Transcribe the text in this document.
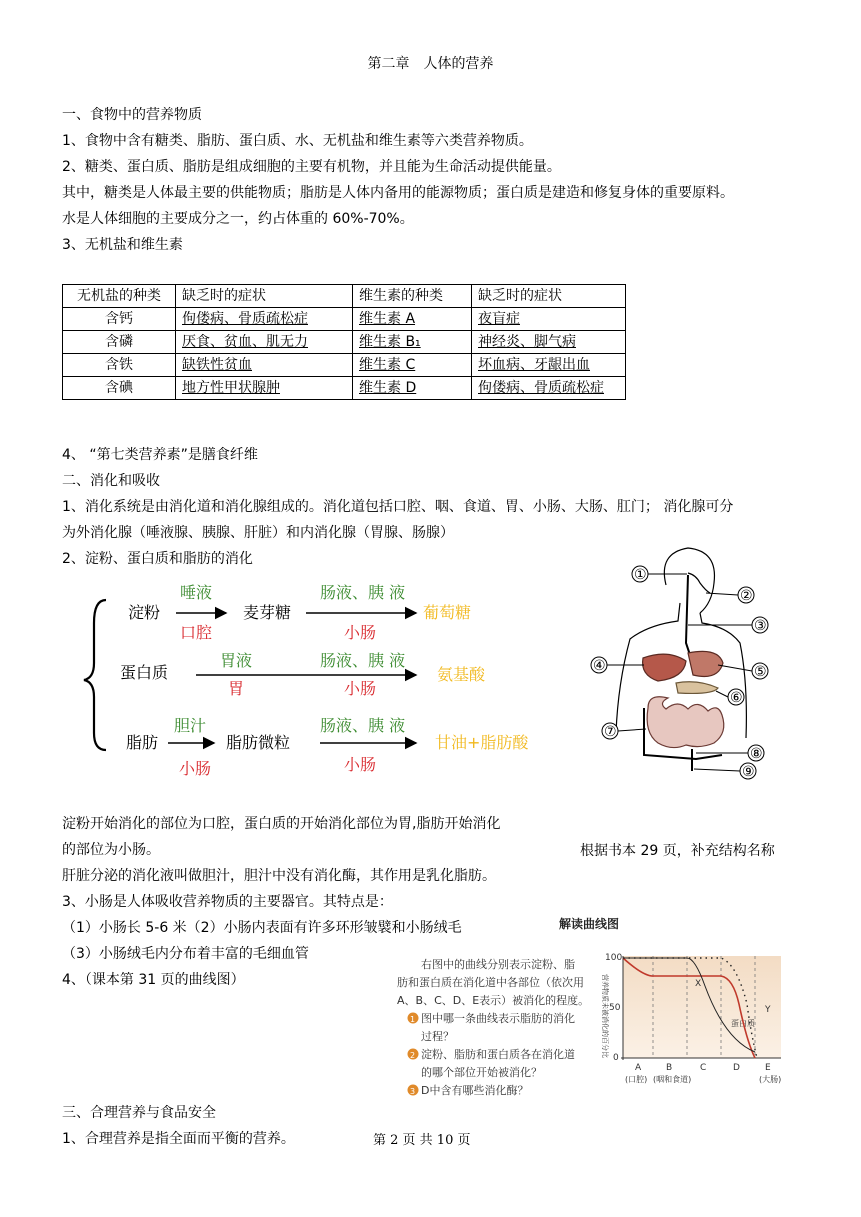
第二章　人体的营养
一、食物中的营养物质
1、食物中含有糖类、脂肪、蛋白质、水、无机盐和维生素等六类营养物质。
2、糖类、蛋白质、脂肪是组成细胞的主要有机物，并且能为生命活动提供能量。
其中，糖类是人体最主要的供能物质；脂肪是人体内备用的能源物质；蛋白质是建造和修复身体的重要原料。
水是人体细胞的主要成分之一，约占体重的 60%-70%。
3、无机盐和维生素
无机盐的种类	缺乏时的症状	维生素的种类	缺乏时的症状
含钙	佝偻病、骨质疏松症	维生素 A	夜盲症
含磷	厌食、贫血、肌无力	维生素 B₁	神经炎、脚气病
含铁	缺铁性贫血	维生素 C	坏血病、牙龈出血
含碘	地方性甲状腺肿	维生素 D	佝偻病、骨质疏松症
4、 “第七类营养素”是膳食纤维
二、消化和吸收
1、消化系统是由消化道和消化腺组成的。消化道包括口腔、咽、食道、胃、小肠、大肠、肛门； 消化腺可分
为外消化腺（唾液腺、胰腺、肝脏）和内消化腺（胃腺、肠腺）
2、淀粉、蛋白质和脂肪的消化
淀粉
唾液
口腔
麦芽糖
肠液、胰 液
小肠
葡萄糖
蛋白质
胃液
胃
肠液、胰 液
小肠
氨基酸
脂肪
胆汁
小肠
脂肪微粒
肠液、胰 液
小肠
甘油+脂肪酸
①
②
③
④	⑤
⑥
⑦
⑧
⑨
淀粉开始消化的部位为口腔，蛋白质的开始消化部位为胃,脂肪开始消化
的部位为小肠。	根据书本 29 页，补充结构名称
肝脏分泌的消化液叫做胆汁，胆汁中没有消化酶，其作用是乳化脂肪。
3、小肠是人体吸收营养物质的主要器官。其特点是：
（1）小肠长 5-6 米（2）小肠内表面有许多环形皱襞和小肠绒毛
（3）小肠绒毛内分布着丰富的毛细血管
4、（课本第 31 页的曲线图）
解读曲线图
右图中的曲线分别表示淀粉、脂
肪和蛋白质在消化道中各部位（依次用
A、B、C、D、E表示）被消化的程度。
1 图中哪一条曲线表示脂肪的消化
过程？
2 淀粉、脂肪和蛋白质各在消化道
的哪个部位开始被消化？
3 D中含有哪些消化酶？
100
50
0
A	B	C	D	E
(口腔) (咽和食道)	(大肠)
X
Y
蛋白质
营养物质未被消化的百分比
三、合理营养与食品安全
1、合理营养是指全面而平衡的营养。	第 2 页 共 10 页
